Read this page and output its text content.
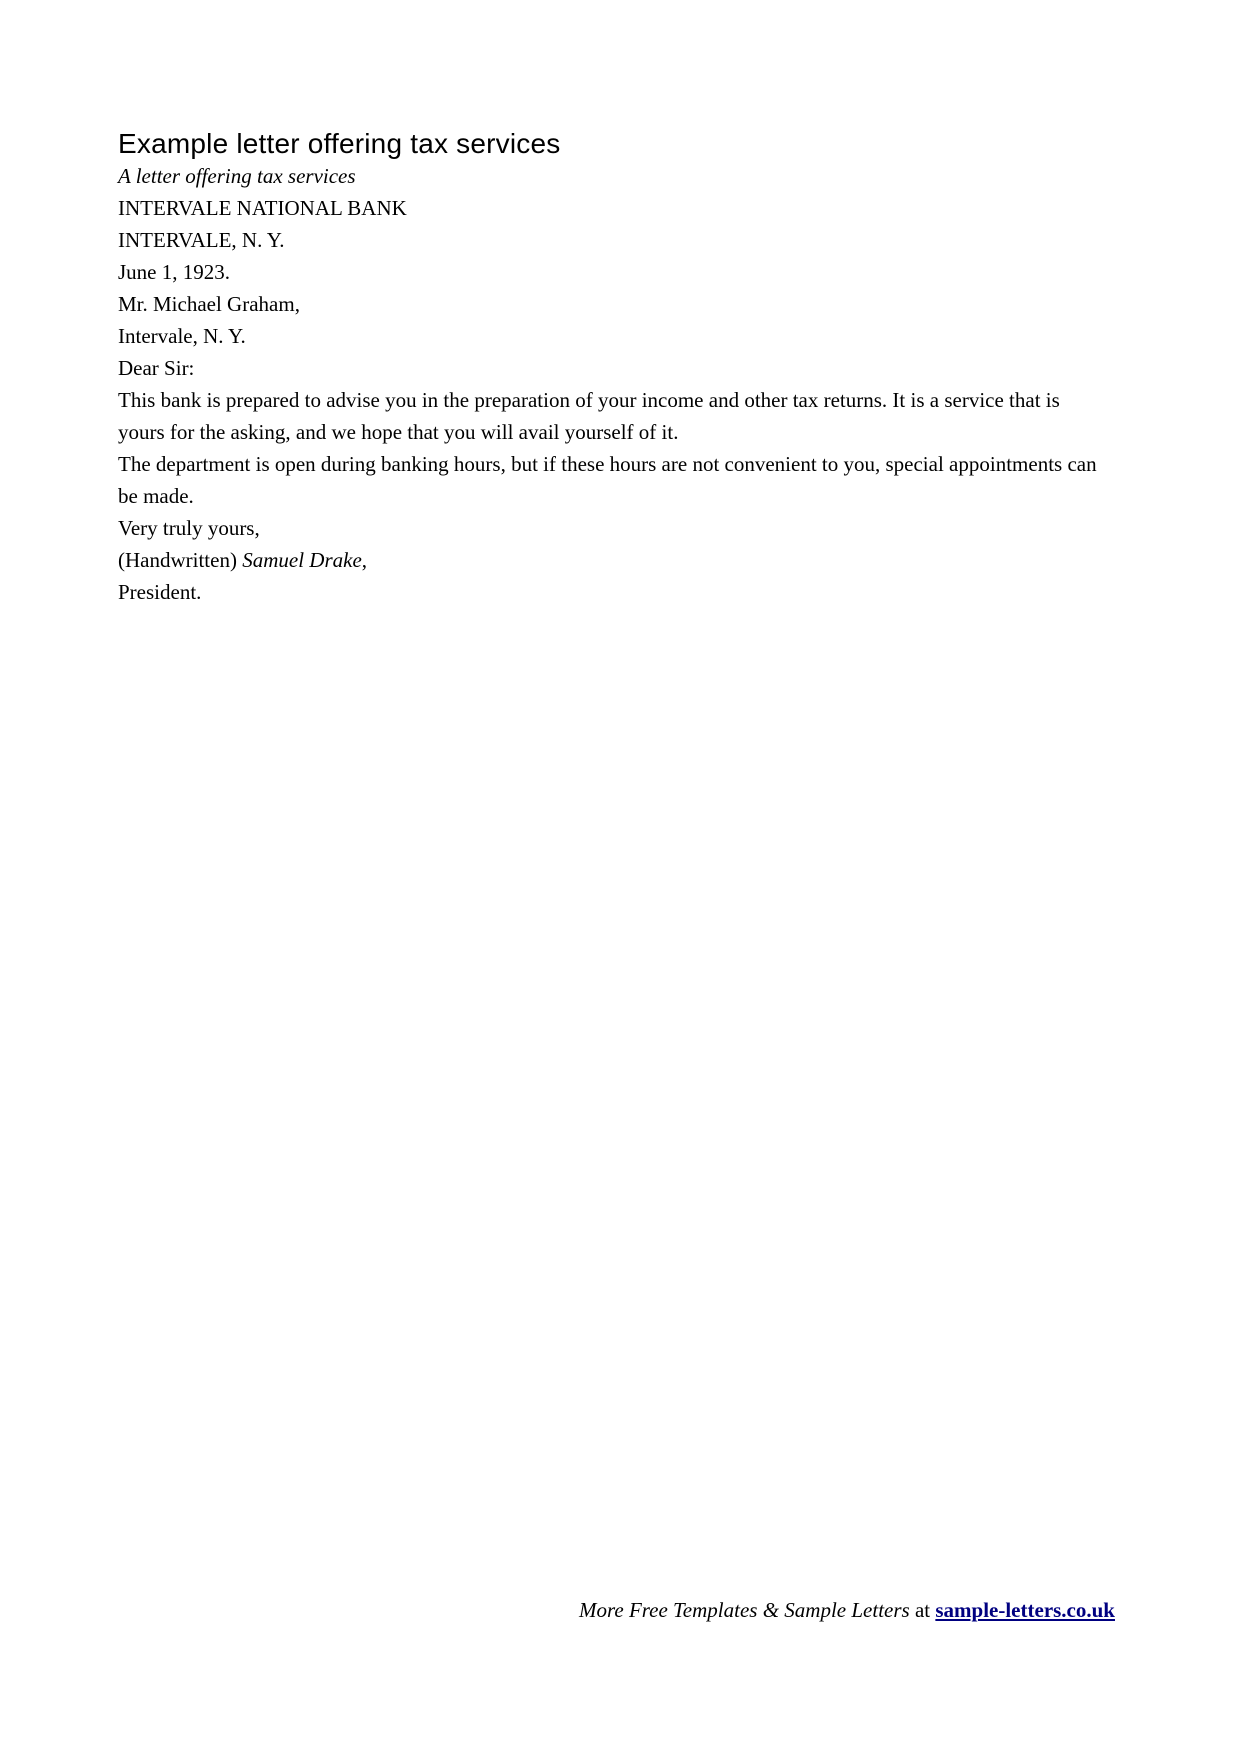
Example letter offering tax services

A letter offering tax services

INTERVALE NATIONAL BANK
INTERVALE, N. Y.

June 1, 1923.

Mr. Michael Graham,

Intervale, N. Y.

Dear Sir:

This bank is prepared to advise you in the preparation of your income and other tax returns. It is a service that is yours for the asking, and we hope that you will avail yourself of it.

The department is open during banking hours, but if these hours are not convenient to you, special appointments can be made.

Very truly yours,

(Handwritten) Samuel Drake,

President.

More Free Templates & Sample Letters at sample-letters.co.uk
